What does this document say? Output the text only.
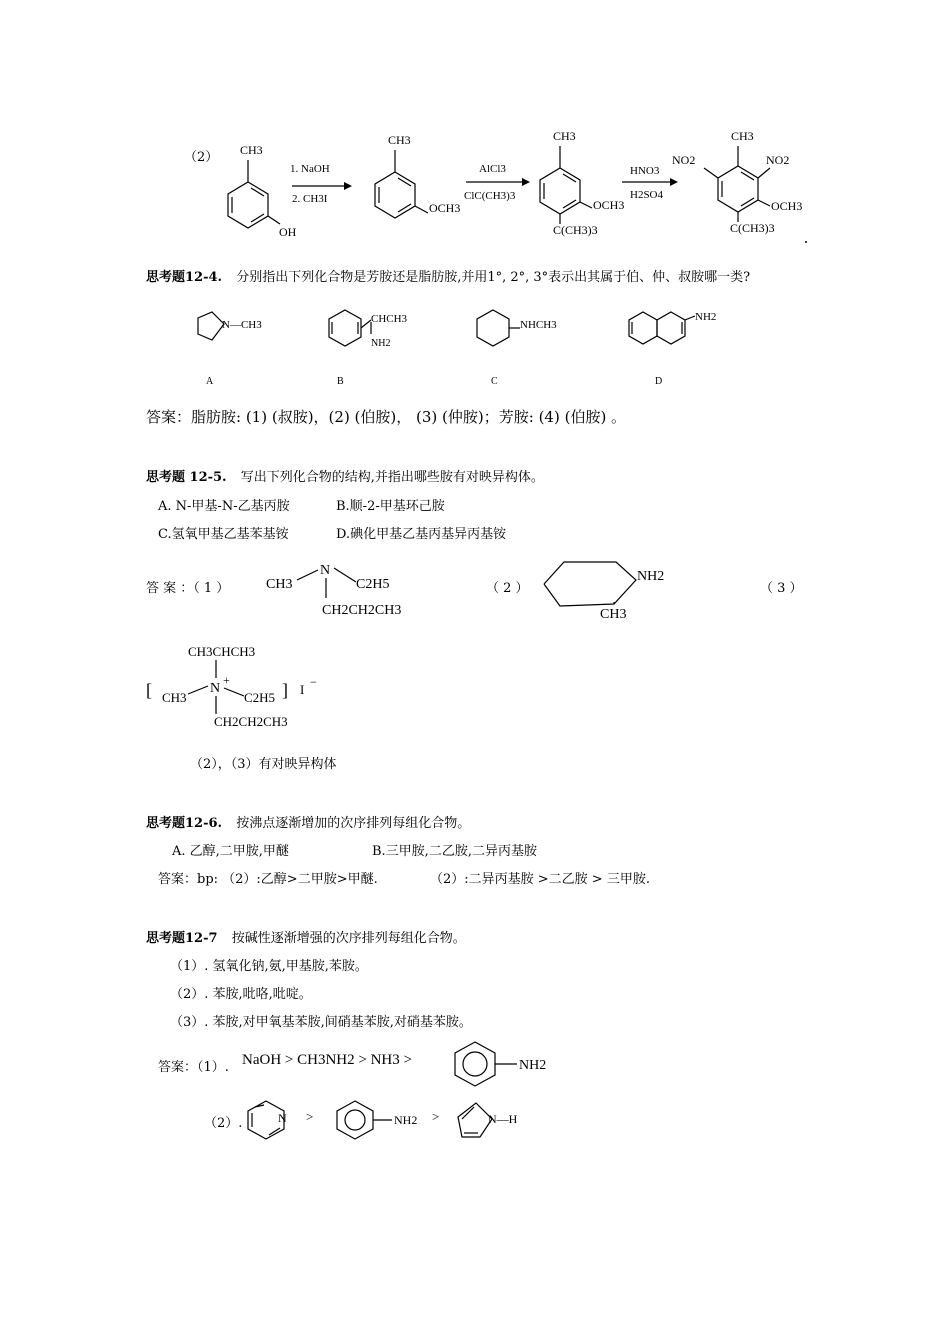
（2） CH3
OH
1. NaOH
2. CH3I
CH3
OCH3
AlCl3
ClC(CH3)3
CH3
OCH3
C(CH3)3
HNO3
H2SO4
CH3
NO2	NO2
OCH3
C(CH3)3
思考题12-4. 分别指出下列化合物是芳胺还是脂肪胺,并用1°, 2°, 3°表示出其属于伯、仲、叔胺哪一类?
N—CH3	CHCH3
NH2
NHCH3
NH2
A	B	C	D
答案：脂肪胺: (1) (叔胺)，(2) (伯胺)， (3) (仲胺)；芳胺: (4) (伯胺) 。
思考题 12-5. 写出下列化合物的结构,并指出哪些胺有对映异构体。
A. N-甲基-N-乙基丙胺	B.顺-2-甲基环己胺
C.氢氧甲基乙基苯基铵	D.碘化甲基乙基丙基异丙基铵
答 案 ：（ 1 ）	（ 2 ）	（ 3 ）
CH3
N
C2H5
CH2CH2CH3
NH2
CH3
CH3CHCH3
[ CH3
N
+
C2H5 ] I −
CH2CH2CH3
（2），（3）有对映异构体
思考题12-6. 按沸点逐渐增加的次序排列每组化合物。
A. 乙醇,二甲胺,甲醚	B.三甲胺,二乙胺,二异丙基胺
答案：bp: （2）:乙醇>二甲胺>甲醚.	（2）:二异丙基胺 >二乙胺 > 三甲胺.
思考题12-7 按碱性逐渐增强的次序排列每组化合物。
（1）. 氢氧化钠,氨,甲基胺,苯胺。
（2）. 苯胺,吡咯,吡啶。
（3）. 苯胺,对甲氧基苯胺,间硝基苯胺,对硝基苯胺。
答案：（1）. NaOH > CH3NH2 > NH3 >	NH2
（2）.	N >	NH2 >	N—H
